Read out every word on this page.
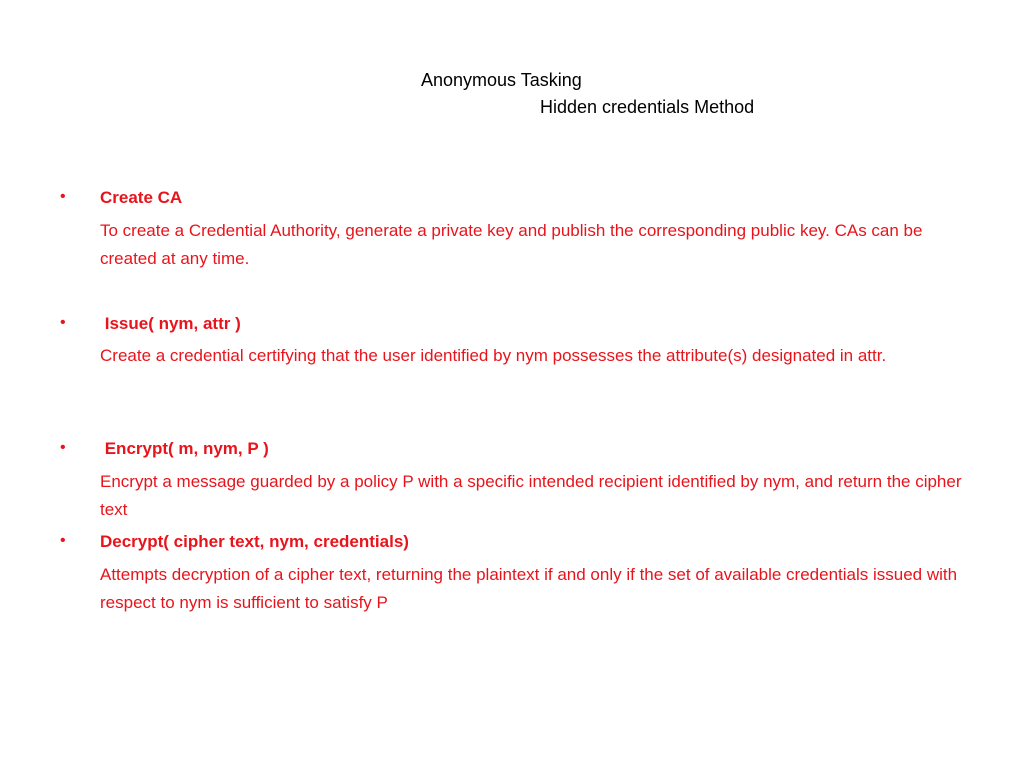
Anonymous Tasking
Hidden credentials Method
• Create CA
To create a Credential Authority, generate a private key and publish the corresponding public key. CAs can be created at any time.
• Issue( nym, attr )
Create a credential certifying that the user identified by nym possesses the attribute(s) designated in attr.
• Encrypt( m, nym, P )
Encrypt a message guarded by a policy P with a specific intended recipient identified by nym, and return the cipher text
• Decrypt( cipher text, nym, credentials)
Attempts decryption of a cipher text, returning the plaintext if and only if the set of available credentials issued with respect to nym is sufficient to satisfy P
